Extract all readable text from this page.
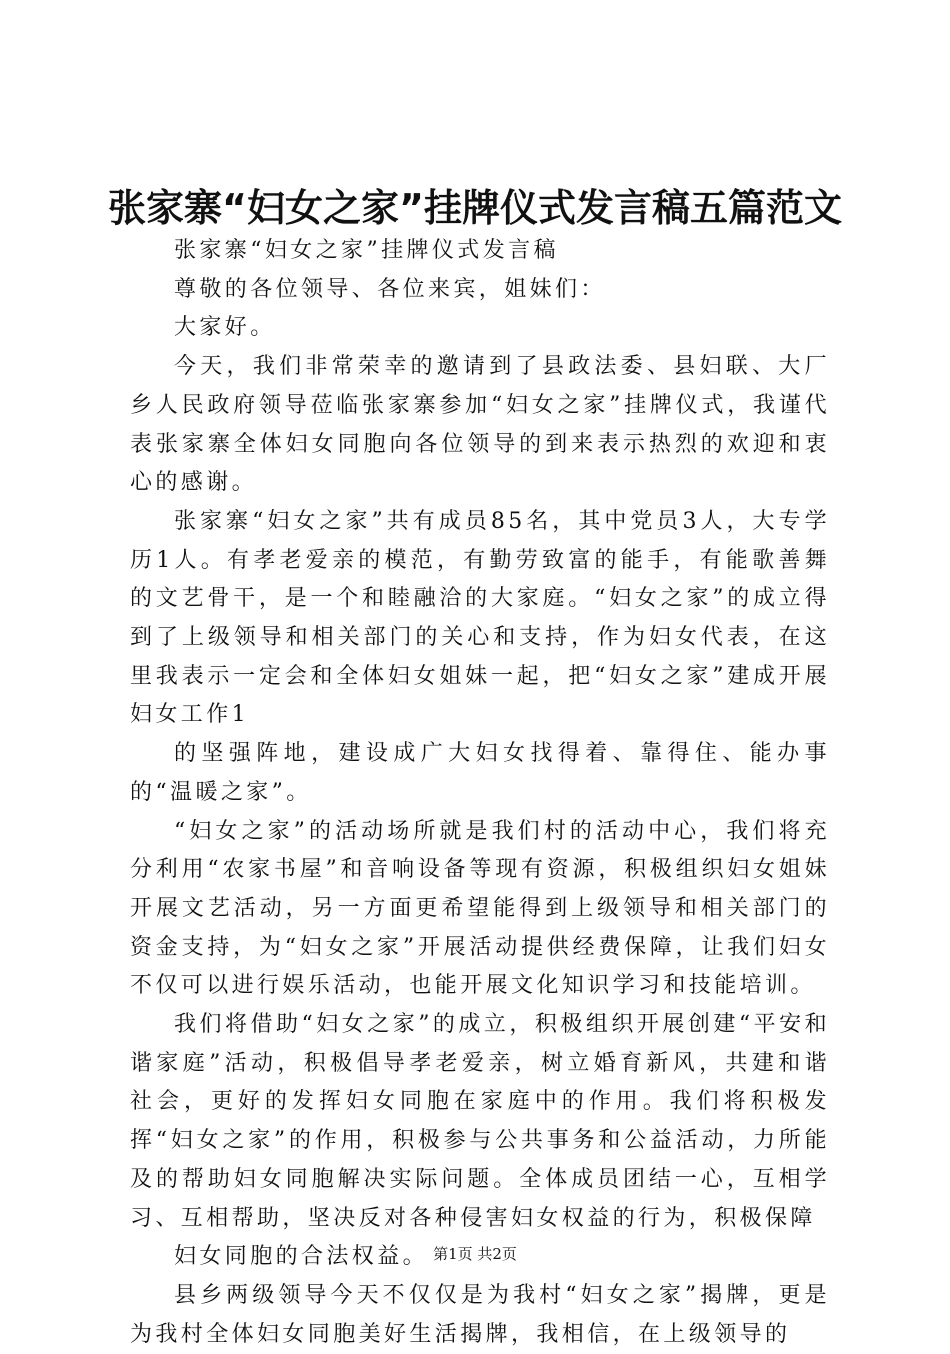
张家寨“妇女之家”挂牌仪式发言稿五篇范文

张家寨“妇女之家”挂牌仪式发言稿

尊敬的各位领导、各位来宾，姐妹们：

大家好。

今天，我们非常荣幸的邀请到了县政法委、县妇联、大厂乡人民政府领导莅临张家寨参加“妇女之家”挂牌仪式，我谨代表张家寨全体妇女同胞向各位领导的到来表示热烈的欢迎和衷心的感谢。

张家寨“妇女之家”共有成员85名，其中党员3人，大专学历1人。有孝老爱亲的模范，有勤劳致富的能手，有能歌善舞的文艺骨干，是一个和睦融洽的大家庭。“妇女之家”的成立得到了上级领导和相关部门的关心和支持，作为妇女代表，在这里我表示一定会和全体妇女姐妹一起，把“妇女之家”建成开展妇女工作1

的坚强阵地，建设成广大妇女找得着、靠得住、能办事的“温暖之家”。

“妇女之家”的活动场所就是我们村的活动中心，我们将充分利用“农家书屋”和音响设备等现有资源，积极组织妇女姐妹开展文艺活动，另一方面更希望能得到上级领导和相关部门的资金支持，为“妇女之家”开展活动提供经费保障，让我们妇女不仅可以进行娱乐活动，也能开展文化知识学习和技能培训。

我们将借助“妇女之家”的成立，积极组织开展创建“平安和谐家庭”活动，积极倡导孝老爱亲，树立婚育新风，共建和谐社会，更好的发挥妇女同胞在家庭中的作用。我们将积极发挥“妇女之家”的作用，积极参与公共事务和公益活动，力所能及的帮助妇女同胞解决实际问题。全体成员团结一心，互相学习、互相帮助，坚决反对各种侵害妇女权益的行为，积极保障

妇女同胞的合法权益。

县乡两级领导今天不仅仅是为我村“妇女之家”揭牌，更是为我村全体妇女同胞美好生活揭牌，我相信，在上级领导的

第1页 共2页
